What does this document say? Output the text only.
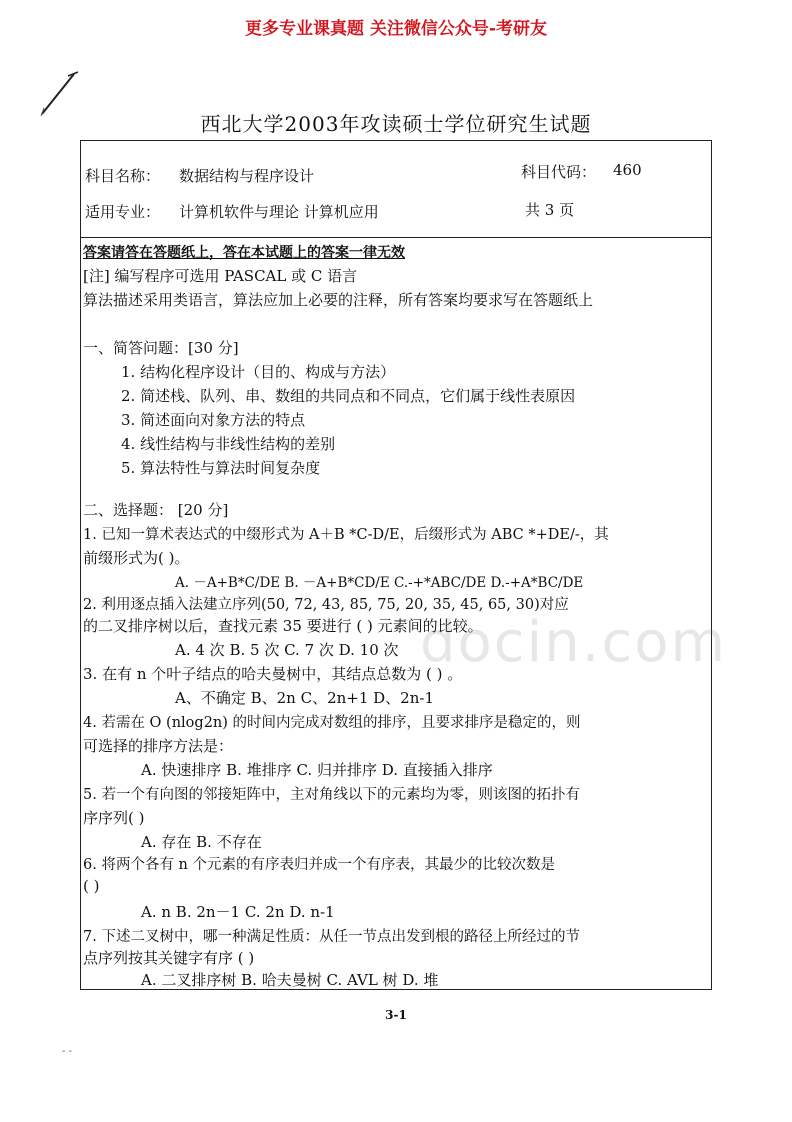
更多专业课真题 关注微信公众号-考研友
西北大学2003年攻读硕士学位研究生试题
科目名称： 数据结构与程序设计	科目代码： 460
适用专业： 计算机软件与理论 计算机应用	共 3 页
答案请答在答题纸上，答在本试题上的答案一律无效
[注] 编写程序可选用 PASCAL 或 C 语言
算法描述采用类语言，算法应加上必要的注释，所有答案均要求写在答题纸上
一、简答问题：[30 分]
1. 结构化程序设计（目的、构成与方法）
2. 简述栈、队列、串、数组的共同点和不同点，它们属于线性表原因
3. 简述面向对象方法的特点
4. 线性结构与非线性结构的差别
5. 算法特性与算法时间复杂度
二、选择题： [20 分]
1. 已知一算术表达式的中缀形式为 A＋B *C-D/E，后缀形式为 ABC *+DE/-，其
前缀形式为( )。
A. －A+B*C/DE B. －A+B*CD/E C.-+*ABC/DE D.-+A*BC/DE
2. 利用逐点插入法建立序列(50, 72, 43, 85, 75, 20, 35, 45, 65, 30)对应
的二叉排序树以后，查找元素 35 要进行 ( ) 元素间的比较。
A. 4 次 B. 5 次 C. 7 次 D. 10 次
3. 在有 n 个叶子结点的哈夫曼树中，其结点总数为 ( ) 。
A、不确定 B、2n C、2n+1 D、2n-1
4. 若需在 O (nlog2n) 的时间内完成对数组的排序，且要求排序是稳定的，则
可选择的排序方法是：
A. 快速排序 B. 堆排序 C. 归并排序 D. 直接插入排序
5. 若一个有向图的邻接矩阵中，主对角线以下的元素均为零，则该图的拓扑有
序序列( )
A. 存在 B. 不存在
6. 将两个各有 n 个元素的有序表归并成一个有序表，其最少的比较次数是
( )
A. n B. 2n－1 C. 2n D. n-1
7. 下述二叉树中，哪一种满足性质：从任一节点出发到根的路径上所经过的节
点序列按其关键字有序 ( )
A. 二叉排序树 B. 哈夫曼树 C. AVL 树 D. 堆
docin.com
3-1
- -
